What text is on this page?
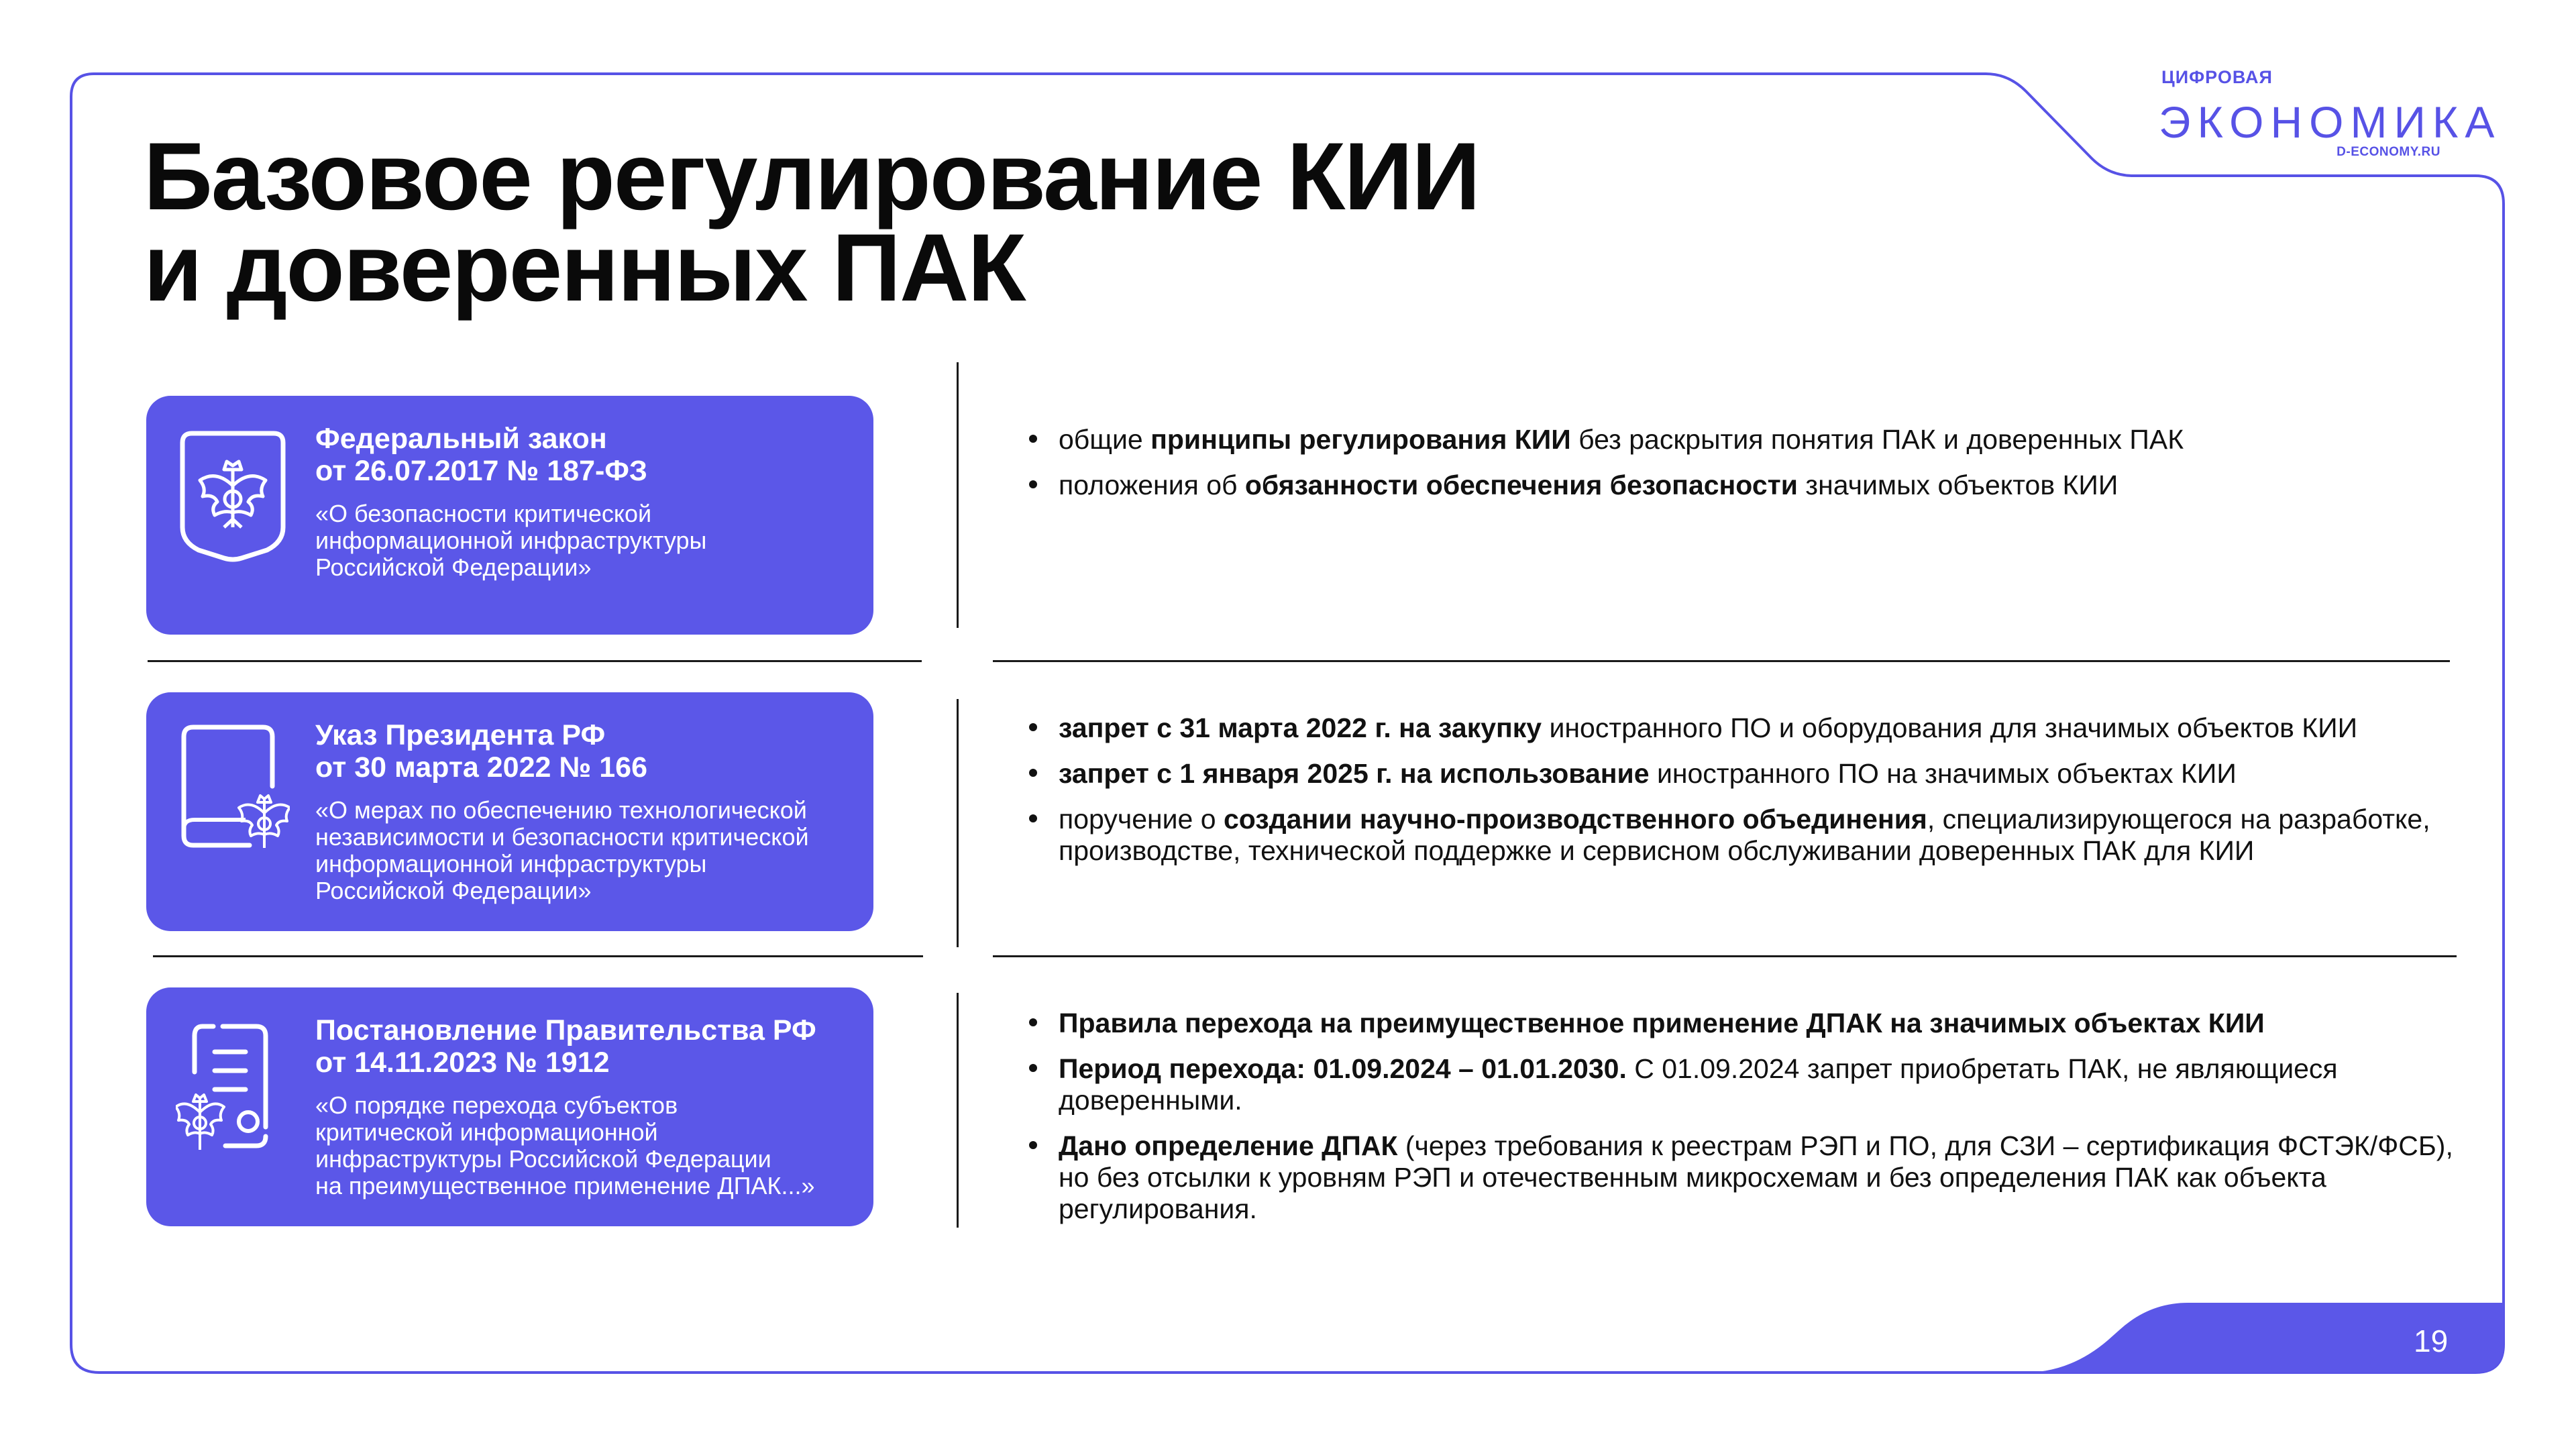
Базовое регулирование КИИ
и доверенных ПАК
ЦИФРОВАЯ
ЭКОНОМИКА
D-ECONOMY.RU
Федеральный закон
от 26.07.2017 № 187-ФЗ
«О безопасности критической
информационной инфраструктуры
Российской Федерации»
Указ Президента РФ
от 30 марта 2022 № 166
«О мерах по обеспечению технологической
независимости и безопасности критической
информационной инфраструктуры
Российской Федерации»
Постановление Правительства РФ
от 14.11.2023 № 1912
«О порядке перехода субъектов
критической информационной
инфраструктуры Российской Федерации
на преимущественное применение ДПАК...»
общие принципы регулирования КИИ без раскрытия понятия ПАК и доверенных ПАК
положения об обязанности обеспечения безопасности значимых объектов КИИ
запрет с 31 марта 2022 г. на закупку иностранного ПО и оборудования для значимых объектов КИИ
запрет с 1 января 2025 г. на использование иностранного ПО на значимых объектах КИИ
поручение о создании научно-производственного объединения, специализирующегося на разработке, производстве, технической поддержке и сервисном обслуживании доверенных ПАК для КИИ
Правила перехода на преимущественное применение ДПАК на значимых объектах КИИ
Период перехода: 01.09.2024 – 01.01.2030. С 01.09.2024 запрет приобретать ПАК, не являющиеся доверенными.
Дано определение ДПАК (через требования к реестрам РЭП и ПО, для СЗИ – сертификация ФСТЭК/ФСБ), но без отсылки к уровням РЭП и отечественным микросхемам и без определения ПАК как объекта регулирования.
19
